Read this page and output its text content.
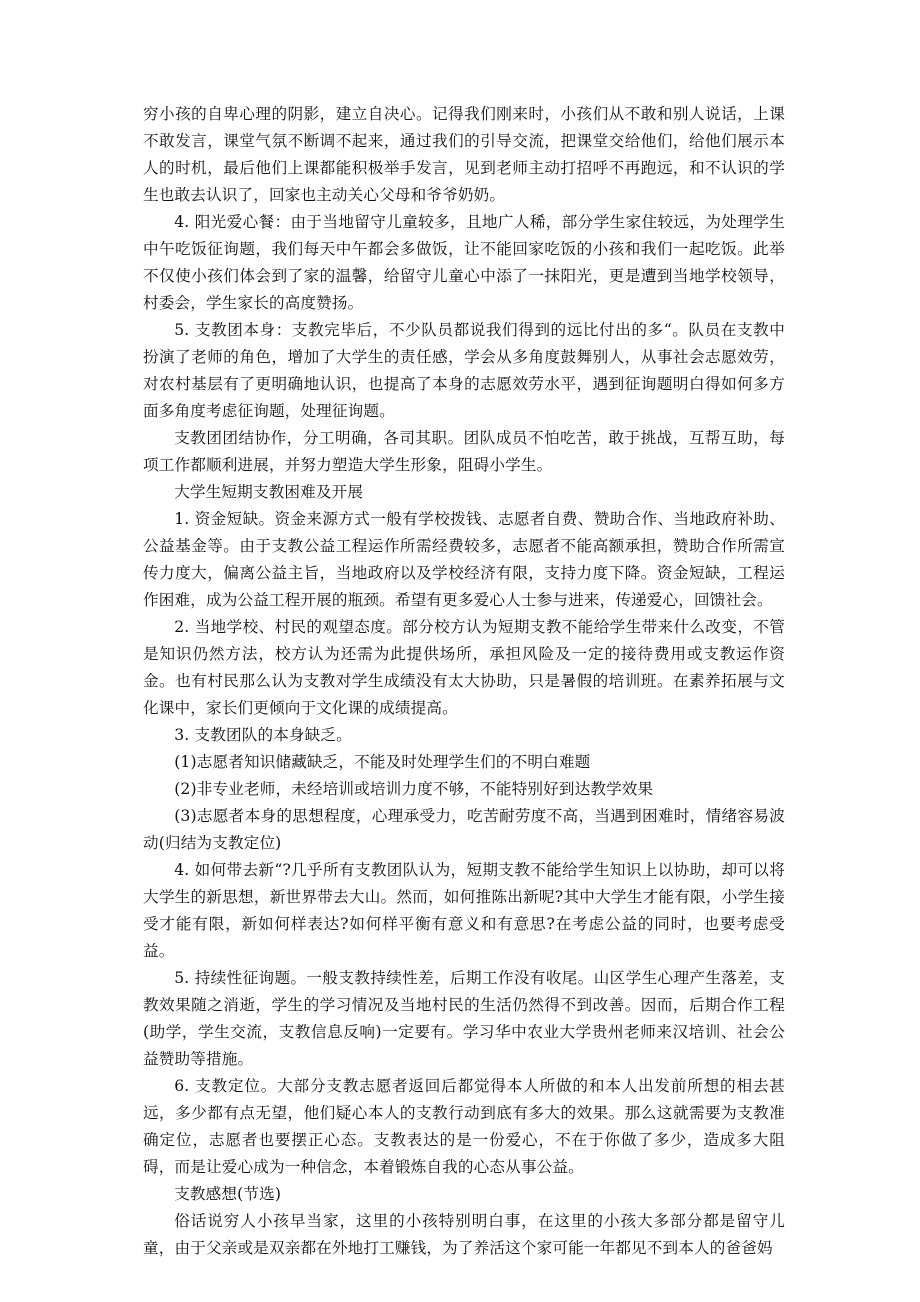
穷小孩的自卑心理的阴影，建立自决心。记得我们刚来时，小孩们从不敢和别人说话，上课不敢发言，课堂气氛不断调不起来，通过我们的引导交流，把课堂交给他们，给他们展示本人的时机，最后他们上课都能积极举手发言，见到老师主动打招呼不再跑远，和不认识的学生也敢去认识了，回家也主动关心父母和爷爷奶奶。

4. 阳光爱心餐：由于当地留守儿童较多，且地广人稀，部分学生家住较远，为处理学生中午吃饭征询题，我们每天中午都会多做饭，让不能回家吃饭的小孩和我们一起吃饭。此举不仅使小孩们体会到了家的温馨，给留守儿童心中添了一抹阳光，更是遭到当地学校领导，村委会，学生家长的高度赞扬。

5. 支教团本身：支教完毕后，不少队员都说我们得到的远比付出的多“。队员在支教中扮演了老师的角色，增加了大学生的责任感，学会从多角度鼓舞别人，从事社会志愿效劳，对农村基层有了更明确地认识，也提高了本身的志愿效劳水平，遇到征询题明白得如何多方面多角度考虑征询题，处理征询题。

支教团团结协作，分工明确，各司其职。团队成员不怕吃苦，敢于挑战，互帮互助，每项工作都顺利进展，并努力塑造大学生形象，阻碍小学生。

大学生短期支教困难及开展

1. 资金短缺。资金来源方式一般有学校拨钱、志愿者自费、赞助合作、当地政府补助、公益基金等。由于支教公益工程运作所需经费较多，志愿者不能高额承担，赞助合作所需宣传力度大，偏离公益主旨，当地政府以及学校经济有限，支持力度下降。资金短缺，工程运作困难，成为公益工程开展的瓶颈。希望有更多爱心人士参与进来，传递爱心，回馈社会。

2. 当地学校、村民的观望态度。部分校方认为短期支教不能给学生带来什么改变，不管是知识仍然方法，校方认为还需为此提供场所，承担风险及一定的接待费用或支教运作资金。也有村民那么认为支教对学生成绩没有太大协助，只是暑假的培训班。在素养拓展与文化课中，家长们更倾向于文化课的成绩提高。

3. 支教团队的本身缺乏。

(1)志愿者知识储藏缺乏，不能及时处理学生们的不明白难题

(2)非专业老师，未经培训或培训力度不够，不能特别好到达教学效果

(3)志愿者本身的思想程度，心理承受力，吃苦耐劳度不高，当遇到困难时，情绪容易波动(归结为支教定位)

4. 如何带去新“?几乎所有支教团队认为，短期支教不能给学生知识上以协助，却可以将大学生的新思想，新世界带去大山。然而，如何推陈出新呢?其中大学生才能有限，小学生接受才能有限，新如何样表达?如何样平衡有意义和有意思?在考虑公益的同时，也要考虑受益。

5. 持续性征询题。一般支教持续性差，后期工作没有收尾。山区学生心理产生落差，支教效果随之消逝，学生的学习情况及当地村民的生活仍然得不到改善。因而，后期合作工程(助学，学生交流，支教信息反响)一定要有。学习华中农业大学贵州老师来汉培训、社会公益赞助等措施。

6. 支教定位。大部分支教志愿者返回后都觉得本人所做的和本人出发前所想的相去甚远，多少都有点无望，他们疑心本人的支教行动到底有多大的效果。那么这就需要为支教准确定位，志愿者也要摆正心态。支教表达的是一份爱心，不在于你做了多少，造成多大阻碍，而是让爱心成为一种信念，本着锻炼自我的心态从事公益。

支教感想(节选)

俗话说穷人小孩早当家，这里的小孩特别明白事，在这里的小孩大多部分都是留守儿童，由于父亲或是双亲都在外地打工赚钱，为了养活这个家可能一年都见不到本人的爸爸妈
